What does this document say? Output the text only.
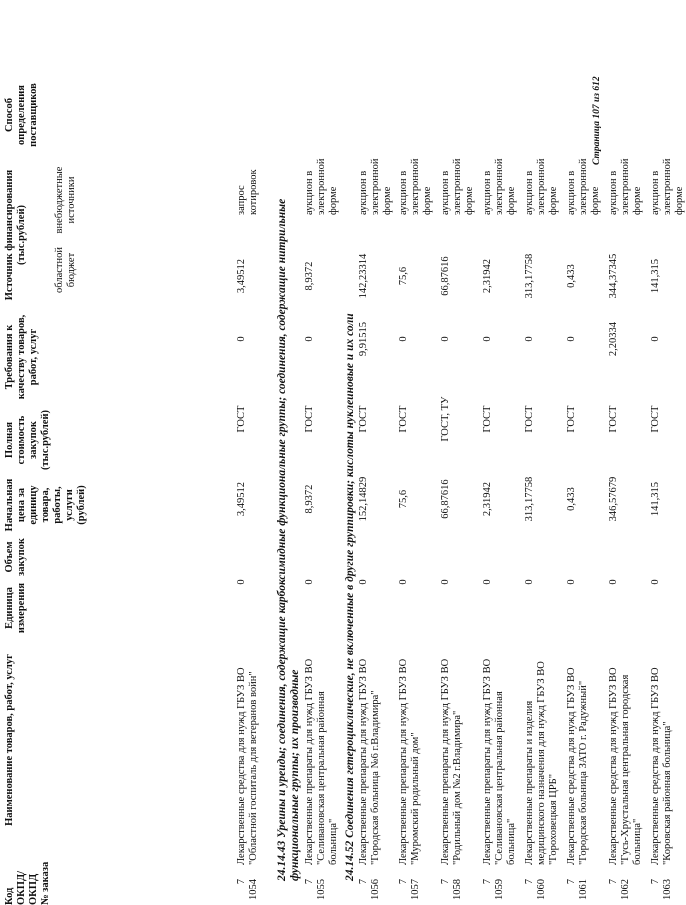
Код ОКПД/ ОКПД № заказа
Наименование товаров, работ, услуг
Единица измерения
Объем закупок
Начальная цена за единицу товара, работы, услуги (рублей)
Полная стоимость закупок (тыс.рублей)
Требования к качеству товаров, работ, услуг
Источник финансирования (тыс.рублей)
областной бюджет
внебюджетные источники
Способ определения поставщиков
7 1054
Лекарственные средства для нужд ГБУЗ ВО "Областной госпиталь для ветеранов войн"
0
3,49512
ГОСТ
0
3,49512
запрос котировок
24.14.43 Уреины и уреиды; соединения, содержащие карбоксимидные функциональные группы; соединения, содержащие нитрильные функциональные группы; их производные
7 1055
Лекарственные препараты для нужд ГБУЗ ВО "Селивановская центральная районная больница"
0
8,9372
ГОСТ
0
8,9372
аукцион в электронной форме
24.14.52 Соединения гетероциклические, не включенные в другие группировки; кислоты нуклеиновые и их соли
7 1056
Лекарственные препараты для нужд ГБУЗ ВО "Городская больница №6 г.Владимира"
0
152,14829
ГОСТ
9,91515
142,23314
аукцион в электронной форме
7 1057
Лекарственные препараты для нужд ГБУЗ ВО "Муромский родильный дом"
0
75,6
ГОСТ
0
75,6
аукцион в электронной форме
7 1058
Лекарственные препараты для нужд ГБУЗ ВО "Родильный дом №2 г.Владимира"
0
66,87616
ГОСТ, ТУ
0
66,87616
аукцион в электронной форме
7 1059
Лекарственные препараты для нужд ГБУЗ ВО "Селивановская центральная районная больница"
0
2,31942
ГОСТ
0
2,31942
аукцион в электронной форме
7 1060
Лекарственные препараты и изделия медицинского назначения для нужд ГБУЗ ВО "Гороховецкая ЦРБ"
0
313,17758
ГОСТ
0
313,17758
аукцион в электронной форме
7 1061
Лекарственные средства для нужд ГБУЗ ВО "Городская больница ЗАТО г. Радужный"
0
0,433
ГОСТ
0
0,433
аукцион в электронной форме
7 1062
Лекарственные средства для нужд ГБУЗ ВО "Гусь-Хрустальная центральная городская больница"
0
346,57679
ГОСТ
2,20334
344,37345
аукцион в электронной форме
7 1063
Лекарственные средства для нужд ГБУЗ ВО "Коровская районная больница"
0
141,315
ГОСТ
0
141,315
аукцион в электронной форме
Страница 107 из 612
